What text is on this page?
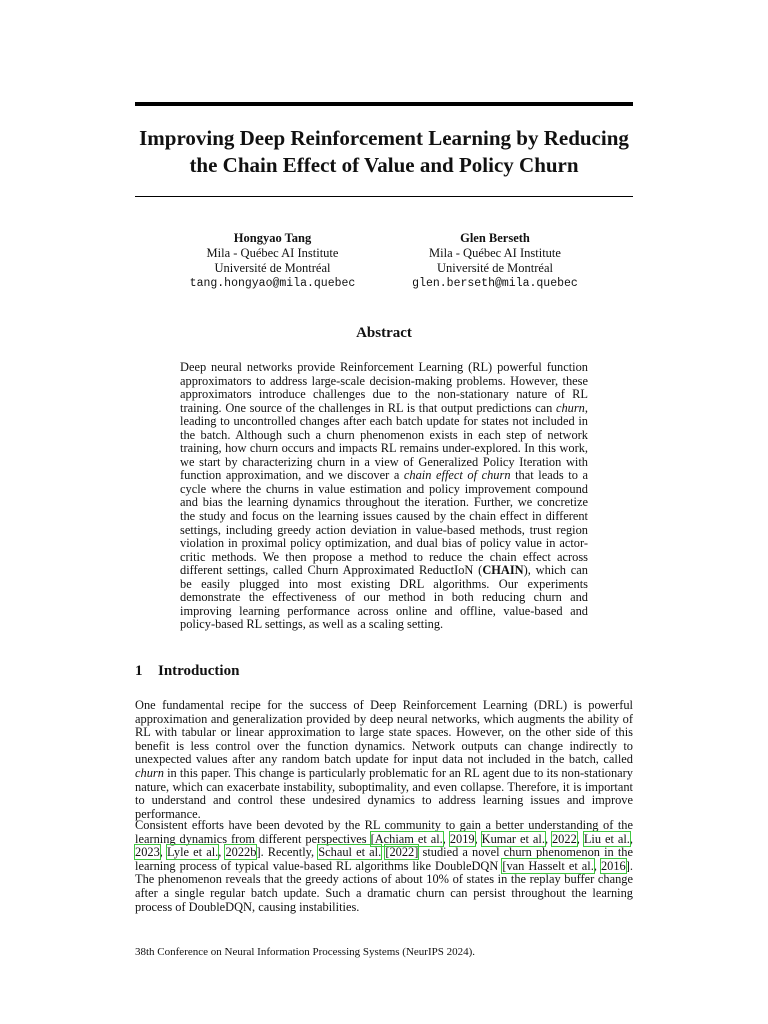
Improving Deep Reinforcement Learning by Reducing
the Chain Effect of Value and Policy Churn
Hongyao Tang
Mila - Québec AI Institute
Université de Montréal
tang.hongyao@mila.quebec
Glen Berseth
Mila - Québec AI Institute
Université de Montréal
glen.berseth@mila.quebec
Abstract

Deep neural networks provide Reinforcement Learning (RL) powerful function approximators to address large-scale decision-making problems. However, these approximators introduce challenges due to the non-stationary nature of RL training. One source of the challenges in RL is that output predictions can churn, leading to uncontrolled changes after each batch update for states not included in the batch. Although such a churn phenomenon exists in each step of network training, how churn occurs and impacts RL remains under-explored. In this work, we start by characterizing churn in a view of Generalized Policy Iteration with function approximation, and we discover a chain effect of churn that leads to a cycle where the churns in value estimation and policy improvement compound and bias the learning dynamics throughout the iteration. Further, we concretize the study and focus on the learning issues caused by the chain effect in different settings, including greedy action deviation in value-based methods, trust region violation in proximal policy optimization, and dual bias of policy value in actor-critic methods. We then propose a method to reduce the chain effect across different settings, called Churn Approximated ReductIoN (CHAIN), which can be easily plugged into most existing DRL algorithms. Our experiments demonstrate the effectiveness of our method in both reducing churn and improving learning performance across online and offline, value-based and policy-based RL settings, as well as a scaling setting.

1 Introduction

One fundamental recipe for the success of Deep Reinforcement Learning (DRL) is powerful approximation and generalization provided by deep neural networks, which augments the ability of RL with tabular or linear approximation to large state spaces. However, on the other side of this benefit is less control over the function dynamics. Network outputs can change indirectly to unexpected values after any random batch update for input data not included in the batch, called churn in this paper. This change is particularly problematic for an RL agent due to its non-stationary nature, which can exacerbate instability, suboptimality, and even collapse. Therefore, it is important to understand and control these undesired dynamics to address learning issues and improve performance.

Consistent efforts have been devoted by the RL community to gain a better understanding of the learning dynamics from different perspectives [Achiam et al., 2019, Kumar et al., 2022, Liu et al., 2023, Lyle et al., 2022b]. Recently, Schaul et al. [2022] studied a novel churn phenomenon in the learning process of typical value-based RL algorithms like DoubleDQN [van Hasselt et al., 2016]. The phenomenon reveals that the greedy actions of about 10% of states in the replay buffer change after a single regular batch update. Such a dramatic churn can persist throughout the learning process of DoubleDQN, causing instabilities.

38th Conference on Neural Information Processing Systems (NeurIPS 2024).
